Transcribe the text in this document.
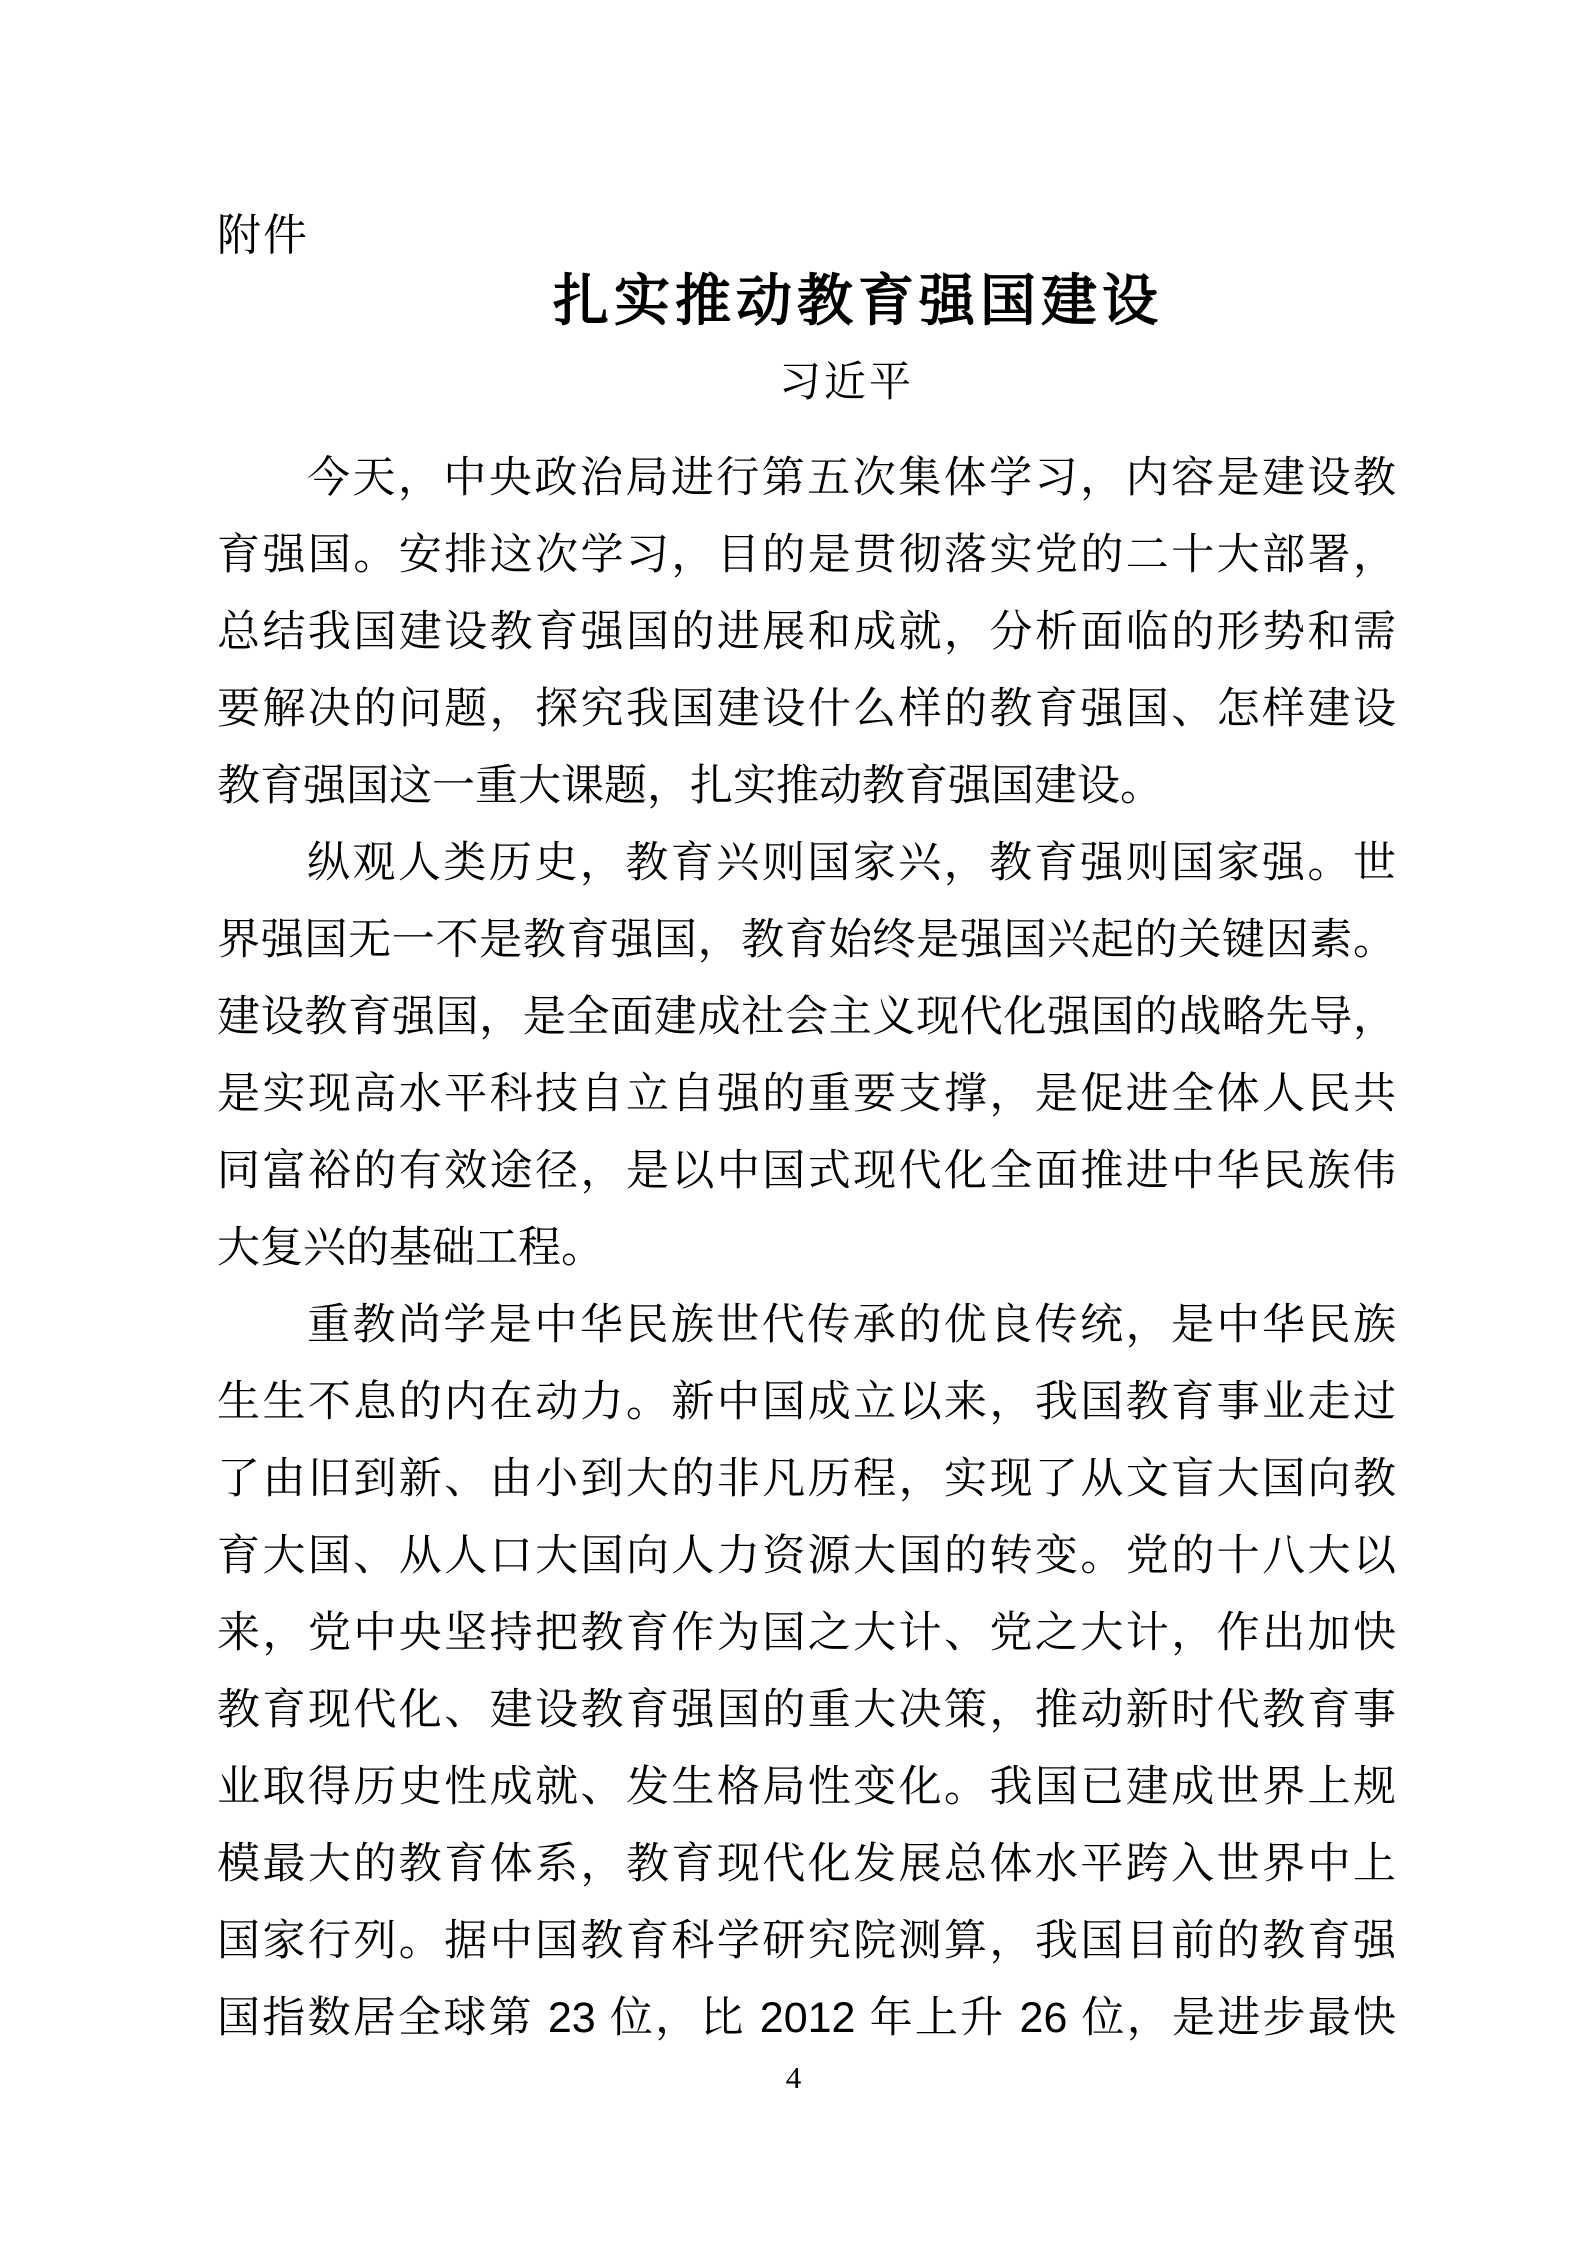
附件
扎实推动教育强国建设
习近平

今天，中央政治局进行第五次集体学习，内容是建设教
育强国。安排这次学习，目的是贯彻落实党的二十大部署，
总结我国建设教育强国的进展和成就，分析面临的形势和需
要解决的问题，探究我国建设什么样的教育强国、怎样建设
教育强国这一重大课题，扎实推动教育强国建设。

纵观人类历史，教育兴则国家兴，教育强则国家强。世
界强国无一不是教育强国，教育始终是强国兴起的关键因素。
建设教育强国，是全面建成社会主义现代化强国的战略先导，
是实现高水平科技自立自强的重要支撑，是促进全体人民共
同富裕的有效途径，是以中国式现代化全面推进中华民族伟
大复兴的基础工程。

重教尚学是中华民族世代传承的优良传统，是中华民族
生生不息的内在动力。新中国成立以来，我国教育事业走过
了由旧到新、由小到大的非凡历程，实现了从文盲大国向教
育大国、从人口大国向人力资源大国的转变。党的十八大以
来，党中央坚持把教育作为国之大计、党之大计，作出加快
教育现代化、建设教育强国的重大决策，推动新时代教育事
业取得历史性成就、发生格局性变化。我国已建成世界上规
模最大的教育体系，教育现代化发展总体水平跨入世界中上
国家行列。据中国教育科学研究院测算，我国目前的教育强
国指数居全球第 23 位，比 2012 年上升 26 位，是进步最快

4
